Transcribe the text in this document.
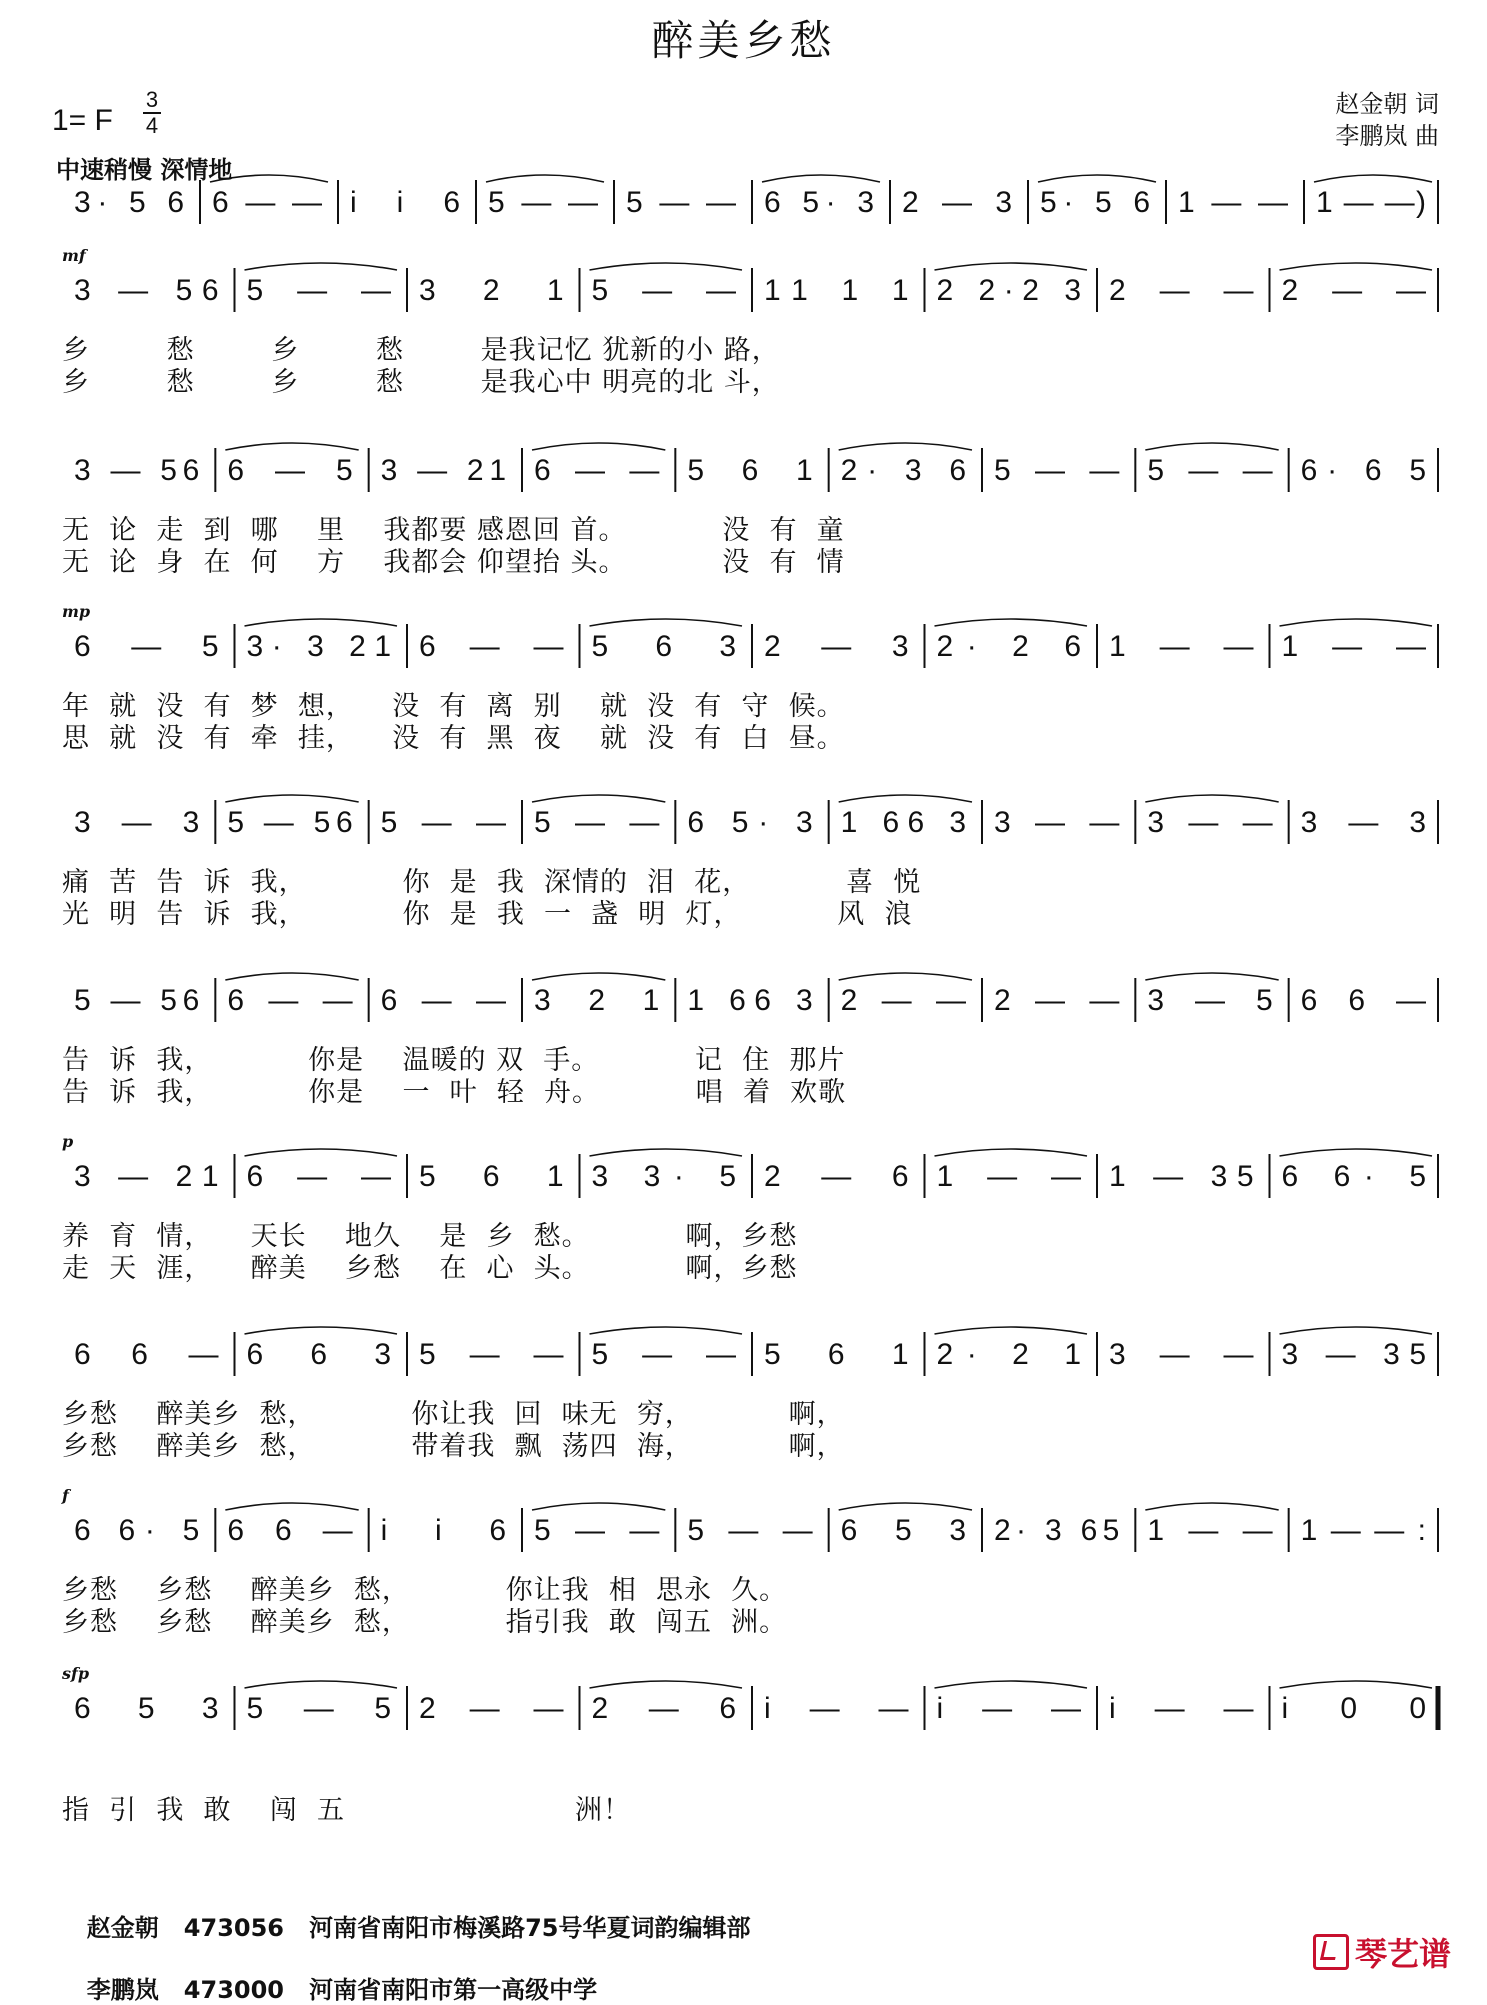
醉美乡愁
1= F
3
4
赵金朝 词
李鹏岚 曲
中速稍慢 深情地
3· 5 6 6 — — i i 6 5 — — 5 — — 6 5· 3 2 — 3 5· 5 6 1 — — 1 — —)
3 — 56 5 — — 3 2 1 5 — — 11 1 1 2 2·2 3 2 — — 2 — —
mf
乡        愁        乡        愁        是我记忆 犹新的小 路，
乡        愁        乡        愁        是我心中 明亮的北 斗，
3 — 56 6 — 5 3 — 21 6 — — 5 6 1 2· 3 6 5 — — 5 — — 6· 6 5
无  论  走  到  哪    里    我都要 感恩回 首。          没  有  童
无  论  身  在  何    方    我都会 仰望抬 头。          没  有  情
6 — 5 3· 3 21 6 — — 5 6 3 2 — 3 2· 2 6 1 — — 1 — —
mp
年  就  没  有  梦  想，    没  有  离  别    就  没  有  守  候。
思  就  没  有  牵  挂，    没  有  黑  夜    就  没  有  白  昼。
3 — 3 5 — 56 5 — — 5 — — 6 5· 3 1 66 3 3 — — 3 — — 3 — 3
痛  苦  告  诉  我，          你  是  我  深情的  泪  花，          喜  悦
光  明  告  诉  我，          你  是  我  一  盏  明  灯，          风  浪
5 — 56 6 — — 6 — — 3 2 1 1 66 3 2 — — 2 — — 3 — 5 6 6 —
告  诉  我，          你是    温暖的 双  手。          记  住  那片
告  诉  我，          你是    一  叶  轻  舟。          唱  着  欢歌
3 — 21 6 — — 5 6 1 3 3· 5 2 — 6 1 — — 1 — 35 6 6· 5
p
养  育  情，    天长    地久    是  乡  愁。          啊，乡愁
走  天  涯，    醉美    乡愁    在  心  头。          啊，乡愁
6 6 — 6 6 3 5 — — 5 — — 5 6 1 2· 2 1 3 — — 3 — 35
乡愁    醉美乡  愁，          你让我  回  味无  穷，          啊，
乡愁    醉美乡  愁，          带着我  飘  荡四  海，          啊，
6 6· 5 6 6 — i i 6 5 — — 5 — — 6 5 3 2· 3 65 1 — — 1 — — :
f
乡愁    乡愁    醉美乡  愁，          你让我  相  思永  久。
乡愁    乡愁    醉美乡  愁，          指引我  敢  闯五  洲。
6 5 3 5 — 5 2 — — 2 — 6 i — — i — — i — — i 0 0
sfp
指  引  我  敢    闯  五                        洲！

赵金朝 473056 河南省南阳市梅溪路75号华夏词韵编辑部

李鹏岚 473000 河南省南阳市第一高级中学

琴艺谱
